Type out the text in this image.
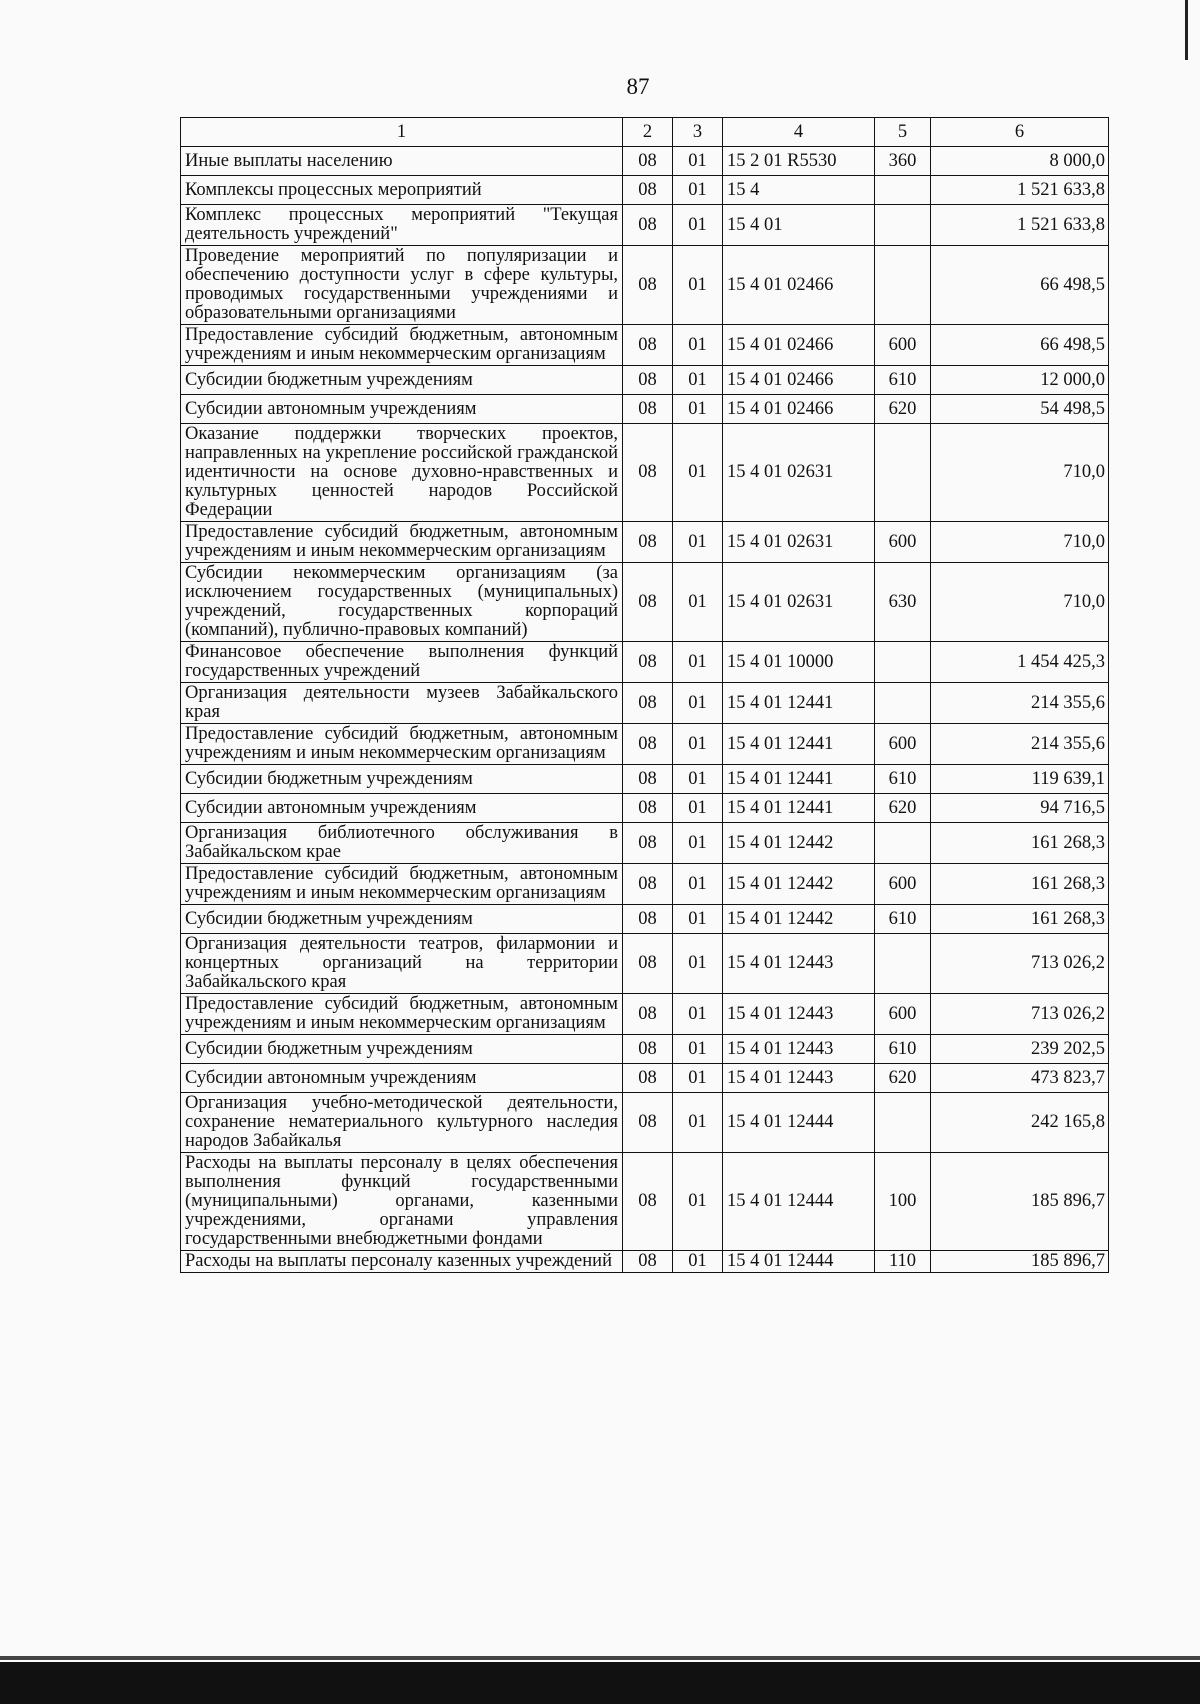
87
1	2	3	4	5	6
Иные выплаты населению	08	01	15 2 01 R5530	360	8 000,0
Комплексы процессных мероприятий	08	01	15 4		1 521 633,8
Комплекс процессных мероприятий "Текущая деятельность учреждений"	08	01	15 4 01		1 521 633,8
Проведение мероприятий по популяризации и обеспечению доступности услуг в сфере культуры, проводимых государственными учреждениями и образовательными организациями	08	01	15 4 01 02466		66 498,5
Предоставление субсидий бюджетным, автономным учреждениям и иным некоммерческим организациям	08	01	15 4 01 02466	600	66 498,5
Субсидии бюджетным учреждениям	08	01	15 4 01 02466	610	12 000,0
Субсидии автономным учреждениям	08	01	15 4 01 02466	620	54 498,5
Оказание поддержки творческих проектов, направленных на укрепление российской гражданской идентичности на основе духовно-нравственных и культурных ценностей народов Российской Федерации	08	01	15 4 01 02631		710,0
Предоставление субсидий бюджетным, автономным учреждениям и иным некоммерческим организациям	08	01	15 4 01 02631	600	710,0
Субсидии некоммерческим организациям (за исключением государственных (муниципальных) учреждений, государственных корпораций (компаний), публично-правовых компаний)	08	01	15 4 01 02631	630	710,0
Финансовое обеспечение выполнения функций государственных учреждений	08	01	15 4 01 10000		1 454 425,3
Организация деятельности музеев Забайкальского края	08	01	15 4 01 12441		214 355,6
Предоставление субсидий бюджетным, автономным учреждениям и иным некоммерческим организациям	08	01	15 4 01 12441	600	214 355,6
Субсидии бюджетным учреждениям	08	01	15 4 01 12441	610	119 639,1
Субсидии автономным учреждениям	08	01	15 4 01 12441	620	94 716,5
Организация библиотечного обслуживания в Забайкальском крае	08	01	15 4 01 12442		161 268,3
Предоставление субсидий бюджетным, автономным учреждениям и иным некоммерческим организациям	08	01	15 4 01 12442	600	161 268,3
Субсидии бюджетным учреждениям	08	01	15 4 01 12442	610	161 268,3
Организация деятельности театров, филармонии и концертных организаций на территории Забайкальского края	08	01	15 4 01 12443		713 026,2
Предоставление субсидий бюджетным, автономным учреждениям и иным некоммерческим организациям	08	01	15 4 01 12443	600	713 026,2
Субсидии бюджетным учреждениям	08	01	15 4 01 12443	610	239 202,5
Субсидии автономным учреждениям	08	01	15 4 01 12443	620	473 823,7
Организация учебно-методической деятельности, сохранение нематериального культурного наследия народов Забайкалья	08	01	15 4 01 12444		242 165,8
Расходы на выплаты персоналу в целях обеспечения выполнения функций государственными (муниципальными) органами, казенными учреждениями, органами управления государственными внебюджетными фондами	08	01	15 4 01 12444	100	185 896,7
Расходы на выплаты персоналу казенных учреждений	08	01	15 4 01 12444	110	185 896,7
